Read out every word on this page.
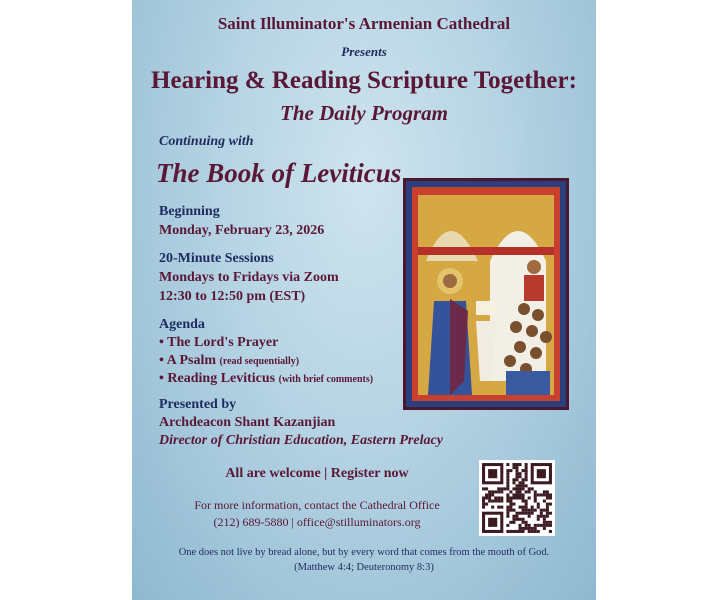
Saint Illuminator's Armenian Cathedral
Presents
Hearing & Reading Scripture Together:
The Daily Program
Continuing with
The Book of Leviticus
Beginning
Monday, February 23, 2026
20-Minute Sessions
Mondays to Fridays via Zoom
12:30 to 12:50 pm (EST)
Agenda
• The Lord's Prayer
• A Psalm (read sequentially)
• Reading Leviticus (with brief comments)
Presented by
Archdeacon Shant Kazanjian
Director of Christian Education, Eastern Prelacy
All are welcome | Register now
For more information, contact the Cathedral Office
(212) 689-5880 | office@stilluminators.org
One does not live by bread alone, but by every word that comes from the mouth of God.
(Matthew 4:4; Deuteronomy 8:3)
